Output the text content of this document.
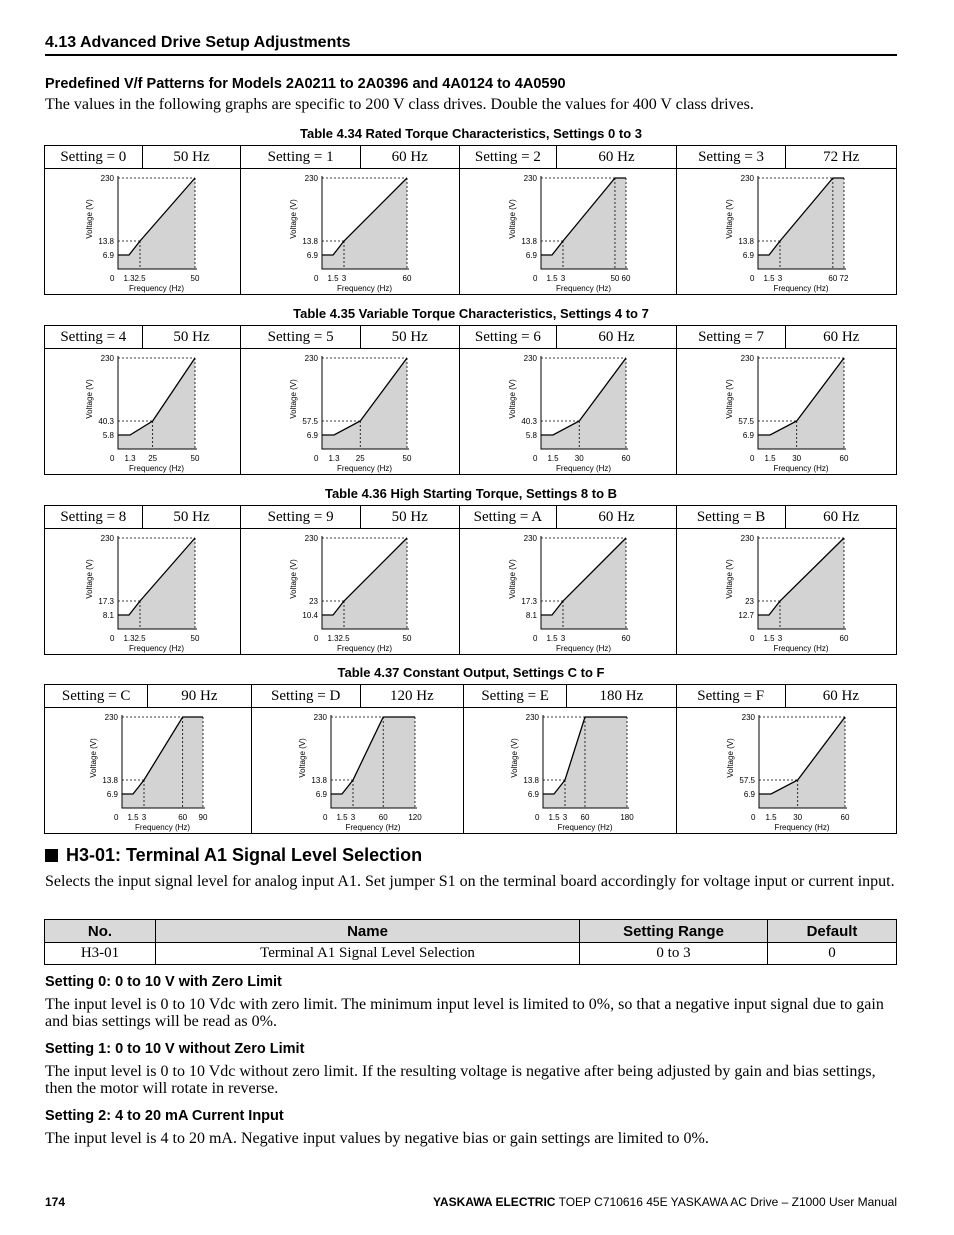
4.13 Advanced Drive Setup Adjustments
Predefined V/f Patterns for Models 2A0211 to 2A0396 and 4A0124 to 4A0590
The values in the following graphs are specific to 200 V class drives. Double the values for 400 V class drives.
Table 4.34 Rated Torque Characteristics, Settings 0 to 3
Setting = 0	50 Hz	Setting = 1	60 Hz	Setting = 2	60 Hz	Setting = 3	72 Hz
230
13.8
6.9
0 1.3 2.5	50
Frequency (Hz)
Voltage (V)
230
13.8
6.9
0 1.5 3	60
Frequency (Hz)
Voltage (V)
230
13.8
6.9
0 1.5 3	50 60
Frequency (Hz)
Voltage (V)
230
13.8
6.9
0 1.5 3	60 72
Frequency (Hz)
Voltage (V)
Table 4.35 Variable Torque Characteristics, Settings 4 to 7
Setting = 4	50 Hz	Setting = 5	50 Hz	Setting = 6	60 Hz	Setting = 7	60 Hz
230
40.3
5.8
0 1.3 25	50
Frequency (Hz)
Voltage (V)
230
57.5
6.9
0 1.3 25	50
Frequency (Hz)
Voltage (V)
230
40.3
5.8
0 1.5 30	60
Frequency (Hz)
Voltage (V)
230
57.5
6.9
0 1.5 30	60
Frequency (Hz)
Voltage (V)
Table 4.36 High Starting Torque, Settings 8 to B
Setting = 8	50 Hz	Setting = 9	50 Hz	Setting = A	60 Hz	Setting = B	60 Hz
230
17.3
8.1
0 1.3 2.5	50
Frequency (Hz)
Voltage (V)
230
23
10.4
0 1.3 2.5	50
Frequency (Hz)
Voltage (V)
230
17.3
8.1
0 1.5 3	60
Frequency (Hz)
Voltage (V)
230
23
12.7
0 1.5 3	60
Frequency (Hz)
Voltage (V)
Table 4.37 Constant Output, Settings C to F
Setting = C	90 Hz	Setting = D	120 Hz	Setting = E	180 Hz	Setting = F	60 Hz
230
13.8
6.9
0 1.5 3	60 90
Frequency (Hz)
Voltage (V)
230
13.8
6.9
0 1.5 3	60	120
Frequency (Hz)
Voltage (V)
230
13.8
6.9
0 1.5 3 60	180
Frequency (Hz)
Voltage (V)
230
57.5
6.9
0 1.5 30	60
Frequency (Hz)
Voltage (V)
H3-01: Terminal A1 Signal Level Selection
Selects the input signal level for analog input A1. Set jumper S1 on the terminal board accordingly for voltage input or current input.
No.	Name	Setting Range	Default
H3-01	Terminal A1 Signal Level Selection	0 to 3	0
Setting 0: 0 to 10 V with Zero Limit
The input level is 0 to 10 Vdc with zero limit. The minimum input level is limited to 0%, so that a negative input signal due to gain and bias settings will be read as 0%.
Setting 1: 0 to 10 V without Zero Limit
The input level is 0 to 10 Vdc without zero limit. If the resulting voltage is negative after being adjusted by gain and bias settings, then the motor will rotate in reverse.
Setting 2: 4 to 20 mA Current Input
The input level is 4 to 20 mA. Negative input values by negative bias or gain settings are limited to 0%.
174	YASKAWA ELECTRIC TOEP C710616 45E YASKAWA AC Drive – Z1000 User Manual
